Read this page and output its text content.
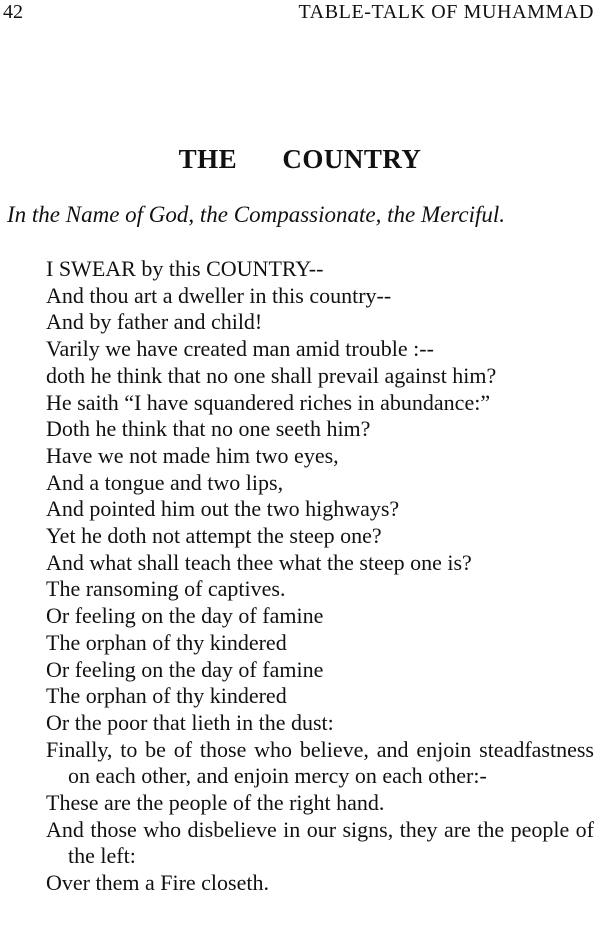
42	TABLE-TALK OF MUHAMMAD
THE COUNTRY
In the Name of God, the Compassionate, the Merciful.
I SWEAR by this COUNTRY--
And thou art a dweller in this country--
And by father and child!
Varily we have created man amid trouble :--
doth he think that no one shall prevail against him?
He saith “I have squandered riches in abundance:”
Doth he think that no one seeth him?
Have we not made him two eyes,
And a tongue and two lips,
And pointed him out the two highways?
Yet he doth not attempt the steep one?
And what shall teach thee what the steep one is?
The ransoming of captives.
Or feeling on the day of famine
The orphan of thy kindered
Or feeling on the day of famine
The orphan of thy kindered
Or the poor that lieth in the dust:
Finally, to be of those who believe, and enjoin steadfastness on each other, and enjoin mercy on each other:-
These are the people of the right hand.
And those who disbelieve in our signs, they are the people of the left:
Over them a Fire closeth.
